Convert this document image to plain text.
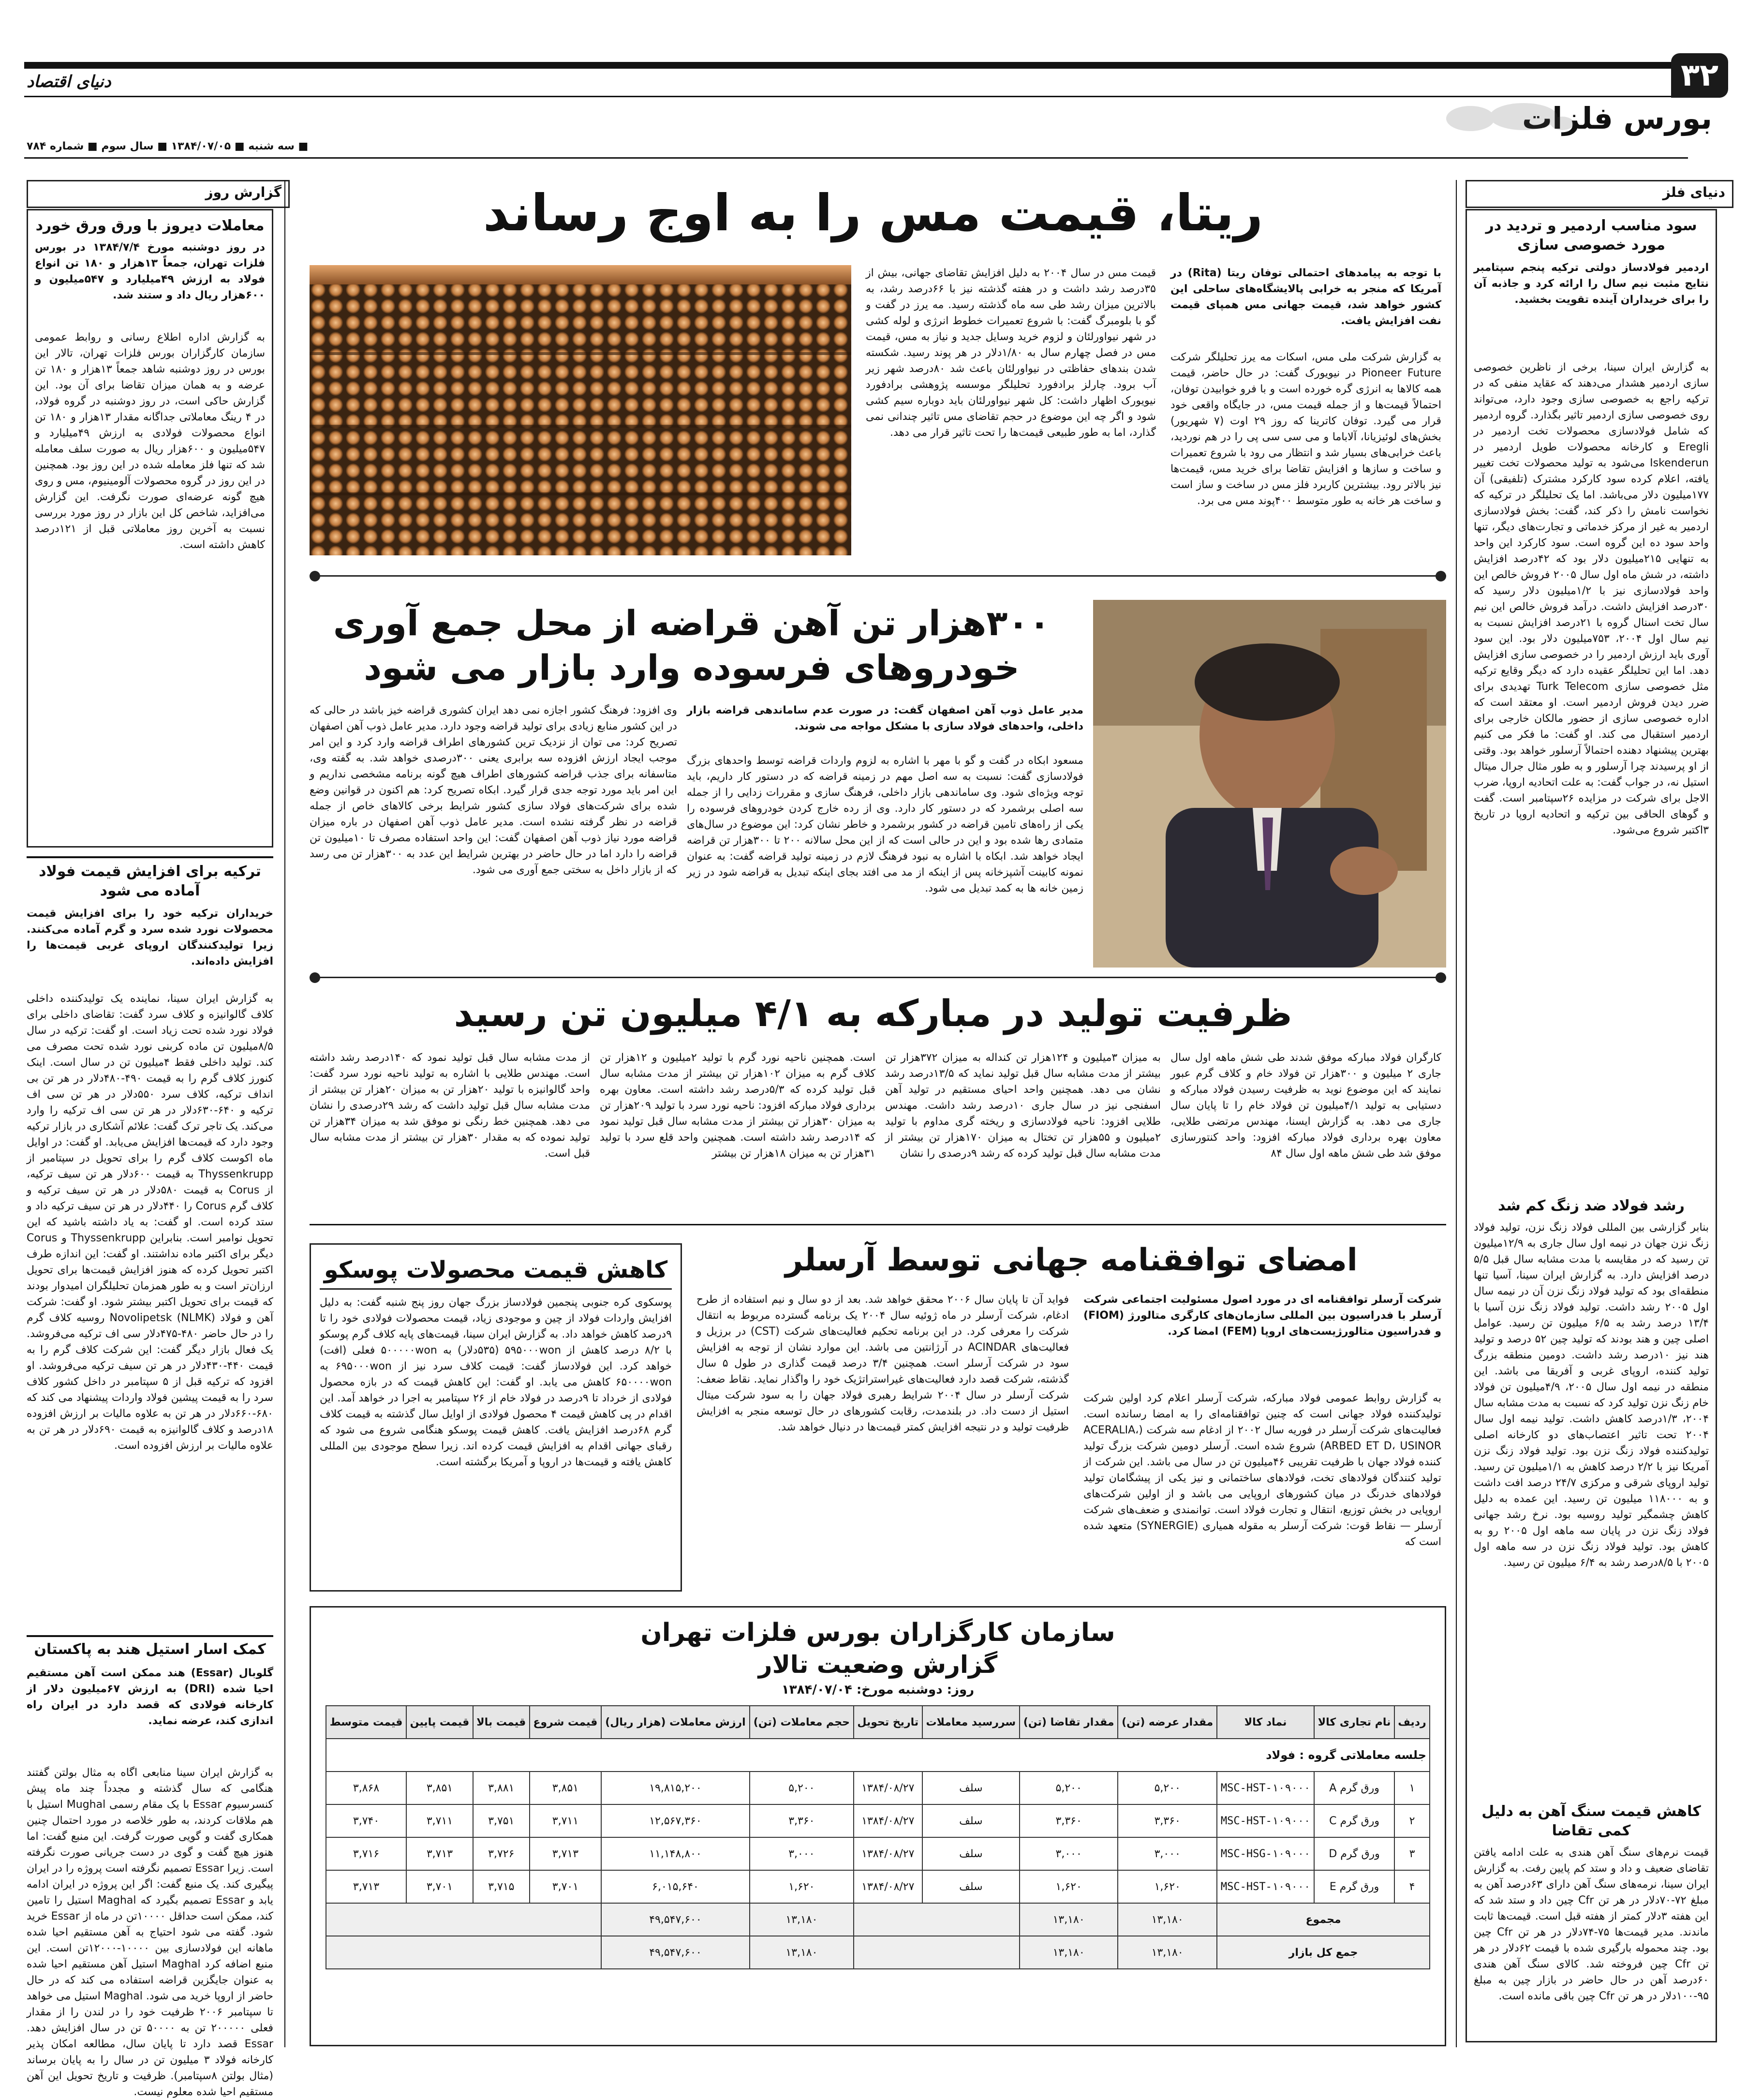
۳۲
دنیای اقتصاد
بورس فلزات
■ سه شنبه ■ ۱۳۸۴/۰۷/۰۵ ■ سال سوم ■ شماره ۷۸۴
گزارش روز
معاملات دیروز با ورق ورق خورد
در روز دوشنبه مورخ ۱۳۸۴/۷/۴ در بورس فلزات تهران، جمعاً ۱۳هزار و ۱۸۰ تن انواع فولاد به ارزش ۴۹میلیارد و ۵۴۷میلیون و ۶۰۰هزار ریال داد و ستند شد.
به گزارش اداره اطلاع رسانی و روابط عمومی سازمان کارگزاران بورس فلزات تهران، تالار این بورس در روز دوشنبه شاهد جمعاً ۱۳هزار و ۱۸۰ تن عرضه و به همان میزان تقاضا برای آن بود. این گزارش حاکی است، در روز دوشنبه در گروه فولاد، در ۴ رینگ معاملاتی جداگانه مقدار ۱۳هزار و ۱۸۰ تن انواع محصولات فولادی به ارزش ۴۹میلیارد و ۵۴۷میلیون و ۶۰۰هزار ریال به صورت سلف معامله شد که تنها فلز معامله شده در این روز بود. همچنین در این روز در گروه محصولات آلومینیوم، مس و روی هیچ گونه عرضه‌ای صورت نگرفت. این گزارش می‌افزاید، شاخص کل این بازار در روز مورد بررسی نسبت به آخرین روز معاملاتی قبل از ۱۲۱درصد کاهش داشته است.
ترکیه برای افزایش قیمت فولاد آماده می شود
خریداران ترکیه خود را برای افزایش قیمت محصولات نورد شده سرد و گرم آماده می‌کنند. زیرا تولیدکنندگان اروپای غربی قیمت‌ها را افزایش داده‌اند.
به گزارش ایران سینا، نماینده یک تولیدکننده داخلی کلاف گالوانیزه و کلاف سرد گفت: تقاضای داخلی برای فولاد نورد شده تحت زیاد است. او گفت: ترکیه در سال ۸/۵میلیون تن ماده کربنی نورد شده تحت مصرف می کند. تولید داخلی فقط ۴میلیون تن در سال است. اینک کنورز کلاف گرم را به قیمت ۴۹۰-۴۸۰دلار در هر تن بی انداف ترکیه، کلاف سرد ۵۵۰دلار در هر تن سی اف ترکیه و ۶۴۰-۶۳۰دلار در هر تن سی اف ترکیه را وارد می‌کند. یک تاجر ترک گفت: علائم آشکاری در بازار ترکیه وجود دارد که قیمت‌ها افزایش می‌یابد. او گفت: در اوایل ماه اکوست کلاف گرم را برای تحویل در سپتامبر از Thyssenkrupp به قیمت ۶۰۰دلار هر تن سیف ترکیه، از Corus به قیمت ۵۸۰دلار در هر تن سیف ترکیه و کلاف گرم Corus را ۴۴۰دلار در هر تن سیف ترکیه داد و ستد کرده است. او گفت: به یاد داشته باشید که این تحویل نوامبر است. بنابراین Thyssenkrupp و Corus دیگر برای اکتبر ماده نداشتند. او گفت: این اندازه طرف اکتبر تحویل کرده که هنوز افزایش قیمت‌ها برای تحویل ارزان‌تر است و به طور همزمان تحلیلگران امیدوار بودند که قیمت برای تحویل اکتبر بیشتر شود. او گفت: شرکت آهن و فولاد (NLMK) Novolipetsk روسیه کلاف گرم را در حال حاضر ۴۸۰-۴۷۵دلار سی اف ترکیه می‌فروشد. یک فعال بازار دیگر گفت: این شرکت کلاف گرم را به قیمت ۴۴۰-۴۳۰دلار در هر تن سیف ترکیه می‌فروشد. او افزود که ترکیه قبل از ۵ سپتامبر در داخل کشور کلاف سرد را به قیمت پیشین فولاد واردات پیشنهاد می کند که ۶۸۰-۶۶۰دلار در هر تن به علاوه مالیات بر ارزش افزوده ۱۸درصد و کلاف گالوانیزه به قیمت ۶۹۰دلار در هر تن به علاوه مالیات بر ارزش افزوده است.
کمک اسار استیل هند به پاکستان
گلوبال (Essar) هند ممکن است آهن مستقیم احیا شده (DRI) به ارزش ۶۷میلیون دلار از کارخانه فولادی که قصد دارد در ایران راه اندازی کند، عرضه نماید.
به گزارش ایران سینا منابعی اگاه به مثال بولتن گفتند هنگامی که سال گذشته و مجدداً چند ماه پیش کنسرسیوم Essar با یک مقام رسمی Mughal استیل با هم ملاقات کردند، به طور خلاصه در مورد احتمال چنین همکاری گفت و گویی صورت گرفت. این منبع گفت: اما هنوز هیچ گفت و گوی در دست جریانی صورت نگرفته است. زیرا Essar تصمیم نگرفته است پروژه را در ایران پیگیری کند. یک منبع گفت: اگر این پروژه در ایران ادامه یابد و Essar تصمیم بگیرد که Maghal استیل را تامین کند، ممکن است حداقل ۱۰۰۰۰تن در ماه از Essar خرید شود. گفته می شود احتیاج به آهن مستقیم احیا شده ماهانه این فولادسازی بین ۱۰۰۰۰-۱۲۰۰۰تن است. این منبع اضافه کرد Maghal استیل آهن مستقیم احیا شده به عنوان جایگزین قراضه استفاده می کند که در حال حاضر از اروپا خرید می شود. Maghal استیل می خواهد تا سپتامبر ۲۰۰۶ ظرفیت خود را در لندن را از مقدار فعلی ۲۰۰۰۰۰ تن به ۵۰۰۰۰ تن در سال افزایش دهد. Essar قصد دارد تا پایان سال، مطالعه امکان پذیر کارخانه فولاد ۳ میلیون تن در سال را به پایان برساند (مثال بولتن ۸سپتامبر). ظرفیت و تاریخ تحویل این آهن مستقیم احیا شده معلوم نیست.
دنیای فلز
سود مناسب اردمیر و تردید در مورد خصوصی سازی
اردمیر فولادساز دولتی ترکیه پنجم سپتامبر نتایج مثبت نیم سال را ارائه کرد و جاذبه آن را برای خریداران آینده تقویت بخشید.
به گزارش ایران سینا، برخی از ناظرین خصوصی سازی اردمیر هشدار می‌دهند که عقاید منفی که در ترکیه راجع به خصوصی سازی وجود دارد، می‌تواند روی خصوصی سازی اردمیر تاثیر بگذارد. گروه اردمیر که شامل فولادسازی محصولات تخت اردمیر در Eregli و کارخانه محصولات طویل اردمیر در Iskenderun می‌شود به تولید محصولات تخت تغییر یافته، اعلام کرده سود کارکرد مشترک (تلفیقی) آن ۱۷۷میلیون دلار می‌باشد. اما یک تحلیلگر در ترکیه که نخواست نامش را ذکر کند، گفت: بخش فولادسازی اردمیر به غیر از مرکز خدماتی و تجارت‌های دیگر، تنها واحد سود ده این گروه است. سود کارکرد این واحد به تنهایی ۲۱۵میلیون دلار بود که ۴۲درصد افزایش داشته، در شش ماه اول سال ۲۰۰۵ فروش خالص این واحد فولادسازی نیز با ۱/۲میلیون دلار رسید که ۳۰درصد افزایش داشت. درآمد فروش خالص این نیم سال تخت اسنال گروه با ۲۱درصد افزایش نسبت به نیم سال اول ۲۰۰۴، ۷۵۳میلیون دلار بود. این سود آوری باید ارزش اردمیر را در خصوصی سازی افزایش دهد. اما این تحلیلگر عقیده دارد که دیگر وقایع ترکیه مثل خصوصی سازی Turk Telecom تهدیدی برای ضرر دیدن فروش اردمیر است. او معتقد است که اداره خصوصی سازی از حضور مالکان خارجی برای اردمیر استقبال می کند. او گفت: ما فکر می کنیم بهترین پیشنهاد دهنده احتمالاً آرسلور خواهد بود. وقتی از او پرسیدند چرا آرسلور و به طور مثال جرال میتال استیل نه، در جواب گفت: به علت اتحادیه اروپا، ضرب الاجل برای شرکت در مزایده ۲۶سپتامبر است. گفت و گوهای الحاقی بین ترکیه و اتحادیه اروپا در تاریخ ۳اکتبر شروع می‌شود.
رشد فولاد ضد زنگ کم شد
بنابر گزارشی بین المللی فولاد زنگ نزن، تولید فولاد زنگ نزن جهان در نیمه اول سال جاری به ۱۲/۹میلیون تن رسید که در مقایسه با مدت مشابه سال قبل ۵/۵ درصد افزایش دارد. به گزارش ایران سینا، آسیا تنها منطقه‌ای بود که تولید فولاد زنگ نزن آن در نیمه سال اول ۲۰۰۵ رشد داشت. تولید فولاد زنگ نزن آسیا با ۱۳/۴ درصد رشد به ۶/۵ میلیون تن رسید. عوامل اصلی چین و هند بودند که تولید چین ۵۲ درصد و تولید هند نیز ۱۰درصد رشد داشت. دومین منطقه بزرگ تولید کننده، اروپای غربی و آفریقا می باشد. این منطقه در نیمه اول سال ۲۰۰۵، ۴/۹میلیون تن فولاد خام زنگ نزن تولید کرد که نسبت به مدت مشابه سال ۲۰۰۴، ۱/۳درصد کاهش داشت. تولید نیمه اول سال ۲۰۰۴ تحت تاثیر اعتصاب‌های دو کارخانه اصلی تولیدکننده فولاد زنگ نزن بود. تولید فولاد زنگ نزن آمریکا نیز با ۲/۲ درصد کاهش به ۱/۱میلیون تن رسید. تولید اروپای شرقی و مرکزی ۲۴/۷ درصد افت داشت و به ۱۱۸۰۰۰ میلیون تن رسید. این عمده به دلیل کاهش چشمگیر تولید روسیه بود. نرخ رشد جهانی فولاد زنگ نزن در پایان سه ماهه اول ۲۰۰۵ رو به کاهش بود. تولید فولاد زنگ نزن در سه ماهه اول ۲۰۰۵ با ۸/۵درصد رشد به ۶/۴ میلیون تن رسید.
کاهش قیمت سنگ آهن به دلیل کمی تقاضا
قیمت نرم‌های سنگ آهن هندی به علت ادامه یافتن تقاضای ضعیف و داد و ستد کم پایین رفت. به گزارش ایران سینا، نرمه‌های سنگ آهن دارای ۶۳درصد آهن به مبلغ ۷۲-۷۰دلار در هر تن Cfr چین داد و ستد شد که این هفته ۳دلار کمتر از هفته قبل است. قیمت‌ها ثابت ماندند. مدیر قیمت‌ها ۷۵-۷۴دلار در هر تن Cfr چین بود. چند محموله بارگیری شده با قیمت ۶۲دلار در هر تن Cfr چین فروخته شد. کالای سنگ آهن هندی ۶۰درصد آهن در حال حاضر در بازار چین به مبلغ ۹۵-۱۰۰دلار در هر تن Cfr چین باقی مانده است.
ریتا، قیمت مس را به اوج رساند
با توجه به پیامدهای احتمالی توفان ریتا (Rita) در آمریکا که منجر به خرابی پالایشگاه‌های ساحلی این کشور خواهد شد، قیمت جهانی مس همپای قیمت نفت افزایش یافت.
به گزارش شرکت ملی مس، اسکات مه یرز تحلیلگر شرکت Pioneer Future در نیویورک گفت: در حال حاضر، قیمت همه کالاها به انرژی گره خورده است و با فرو خوابیدن توفان، احتمالاً قیمت‌ها و از جمله قیمت مس، در جایگاه واقعی خود قرار می گیرد. توفان کاترینا که روز ۲۹ اوت (۷ شهریور) بخش‌های لوئیزیانا، آلاباما و می سی سی پی را در هم نوردید، باعث خرابی‌های بسیار شد و انتظار می رود با شروع تعمیرات و ساخت و سازها و افزایش تقاضا برای خرید مس، قیمت‌ها نیز بالاتر رود. بیشترین کاربرد فلز مس در ساخت و ساز است و ساخت هر خانه به طور متوسط ۴۰۰پوند مس می برد.
قیمت مس در سال ۲۰۰۴ به دلیل افزایش تقاضای جهانی، بیش از ۳۵درصد رشد داشت و در هفته گذشته نیز با ۶۶درصد رشد، به بالاترین میزان رشد طی سه ماه گذشته رسید. مه یرز در گفت و گو با بلومبرگ گفت: با شروع تعمیرات خطوط انرژی و لوله کشی در شهر نیواورلئان و لزوم خرید وسایل جدید و نیاز به مس، قیمت مس در فصل چهارم سال به ۱/۸۰دلار در هر پوند رسید. شکسته شدن بندهای حفاظتی در نیواورلئان باعث شد ۸۰درصد شهر زیر آب برود. چارلز برادفورد تحلیلگر موسسه پژوهشی برادفورد نیویورک اظهار داشت: کل شهر نیواورلئان باید دوباره سیم کشی شود و اگر چه این موضوع در حجم تقاضای مس تاثیر چندانی نمی گذارد، اما به طور طبیعی قیمت‌ها را تحت تاثیر قرار می دهد.
۳۰۰هزار تن آهن قراضه از محل جمع آوری
خودروهای فرسوده وارد بازار می شود
مدیر عامل ذوب آهن اصفهان گفت: در صورت عدم ساماندهی قراضه بازار داخلی، واحدهای فولاد سازی با مشکل مواجه می شوند.
مسعود ابکاه در گفت و گو با مهر با اشاره به لزوم واردات قراضه توسط واحدهای بزرگ فولادسازی گفت: نسبت به سه اصل مهم در زمینه قراضه که در دستور کار داریم، باید توجه ویژه‌ای شود. وی ساماندهی بازار داخلی، فرهنگ سازی و مقررات زدایی را از جمله سه اصلی برشمرد که در دستور کار دارد. وی از رده خارج کردن خودروهای فرسوده را یکی از راه‌های تامین قراضه در کشور برشمرد و خاطر نشان کرد: این موضوع در سال‌های متمادی رها شده بود و این در حالی است که از این محل سالانه ۲۰۰ تا ۳۰۰هزار تن قراضه ایجاد خواهد شد. ابکاه با اشاره به نبود فرهنگ لازم در زمینه تولید قراضه گفت: به عنوان نمونه کابینت آشپزخانه پس از اینکه از مد می افتد بجای اینکه تبدیل به قراضه شود در زیر زمین خانه ها به کمد تبدیل می شود.
وی افزود: فرهنگ کشور اجازه نمی دهد ایران کشوری قراضه خیز باشد در حالی که در این کشور منابع زیادی برای تولید قراضه وجود دارد. مدیر عامل ذوب آهن اصفهان تصریح کرد: می توان از نزدیک ترین کشورهای اطراف قراضه وارد کرد و این امر موجب ایجاد ارزش افزوده سه برابری یعنی ۳۰۰درصدی خواهد شد. به گفته وی، متاسفانه برای جذب قراضه کشورهای اطراف هیچ گونه برنامه مشخصی نداریم و این امر باید مورد توجه جدی قرار گیرد. ابکاه تصریح کرد: هم اکنون در قوانین وضع شده برای شرکت‌های فولاد سازی کشور شرایط برخی کالاهای خاص از جمله قراضه در نظر گرفته نشده است. مدیر عامل ذوب آهن اصفهان در باره میزان قراضه مورد نیاز ذوب آهن اصفهان گفت: این واحد استفاده مصرف تا ۱۰میلیون تن قراضه را دارد اما در حال حاضر در بهترین شرایط این عدد به ۳۰۰هزار تن می رسد که از بازار داخل به سختی جمع آوری می شود.
ظرفیت تولید در مبارکه به ۴/۱ میلیون تن رسید
کارگران فولاد مبارکه موفق شدند طی شش ماهه اول سال جاری ۲ میلیون و ۳۰۰هزار تن فولاد خام و کلاف گرم عبور نمایند که این موضوع نوید به ظرفیت رسیدن فولاد مبارکه و دستیابی به تولید ۴/۱میلیون تن فولاد خام را تا پایان سال جاری می دهد. به گزارش ایسنا، مهندس مرتضی طلایی، معاون بهره برداری فولاد مبارکه افزود: واحد کنتورسازی موفق شد طی شش ماهه اول سال ۸۴
به میزان ۳میلیون و ۱۲۴هزار تن کنداله به میزان ۳۷۲هزار تن بیشتر از مدت مشابه سال قبل تولید نماید که ۱۳/۵درصد رشد نشان می دهد. همچنین واحد احیای مستقیم در تولید آهن اسفنجی نیز در سال جاری ۱۰درصد رشد داشت. مهندس طلایی افزود: ناحیه فولادسازی و ریخته گری مداوم با تولید ۲میلیون و ۵۵هزار تن تختال به میزان ۱۷۰هزار تن بیشتر از مدت مشابه سال قبل تولید کرده که رشد ۹درصدی را نشان
است. همچنین ناحیه نورد گرم با تولید ۲میلیون و ۱۲هزار تن کلاف گرم به میزان ۱۰۲هزار تن بیشتر از مدت مشابه سال قبل تولید کرده که ۵/۳درصد رشد داشته است. معاون بهره برداری فولاد مبارکه افزود: ناحیه نورد سرد با تولید ۲۰۹هزار تن به میزان ۳۰هزار تن بیشتر از مدت مشابه سال قبل تولید نمود که ۱۴درصد رشد داشته است. همچنین واحد قلع سرد با تولید ۳۱هزار تن به میزان ۱۸هزار تن بیشتر
از مدت مشابه سال قبل تولید نمود که ۱۴۰درصد رشد داشته است. مهندس طلایی با اشاره به تولید ناحیه نورد سرد گفت: واحد گالوانیزه با تولید ۲۰هزار تن به میزان ۲۰هزار تن بیشتر از مدت مشابه سال قبل تولید داشت که رشد ۲۹درصدی را نشان می دهد. همچنین خط رنگی نو موفق شد به میزان ۳۴هزار تن تولید نموده که به مقدار ۳۰هزار تن بیشتر از مدت مشابه سال قبل است.
امضای توافقنامه جهانی توسط آرسلر
شرکت آرسلر توافقنامه ای در مورد اصول مسئولیت اجتماعی شرکت آرسلر با فدراسیون بین المللی سازمان‌های کارگری متالورژ (FIOM) و فدراسیون متالورژیست‌های اروپا (FEM) امضا کرد.
به گزارش روابط عمومی فولاد مبارکه، شرکت آرسلر اعلام کرد اولین شرکت تولیدکننده فولاد جهانی است که چنین توافقنامه‌ای را به امضا رسانده است. فعالیت‌های شرکت آرسلر در فوریه سال ۲۰۰۲ از ادغام سه شرکت (ACERALIA، ARBED ET D، USINOR) شروع شده است. آرسلر دومین شرکت بزرگ تولید کننده فولاد جهان با ظرفیت تقریبی ۴۶میلیون تن در سال می باشد. این شرکت از تولید کنندگان فولادهای تخت، فولادهای ساختمانی و نیز یکی از پیشگامان تولید فولادهای خدرنگ در میان کشورهای اروپایی می باشد و از اولین شرکت‌های اروپایی در بخش توزیع، انتقال و تجارت فولاد است. توانمندی و ضعف‌های شرکت آرسلر — نقاط قوت: شرکت آرسلر به مقوله همیاری (SYNERGIE) متعهد شده است که
فواید آن تا پایان سال ۲۰۰۶ محقق خواهد شد. بعد از دو سال و نیم استفاده از طرح ادغام، شرکت آرسلر در ماه ژوئیه سال ۲۰۰۴ یک برنامه گسترده مربوط به انتقال شرکت را معرفی کرد. در این برنامه تحکیم فعالیت‌های شرکت (CST) در برزیل و فعالیت‌های ACINDAR در آرژانتین می باشد. این موارد نشان از توجه به افزایش سود در شرکت آرسلر است. همچنین ۳/۴ درصد قیمت گذاری در طول ۵ سال گذشته، شرکت قصد دارد فعالیت‌های غیراستراتژیک خود را واگذار نماید. نقاط ضعف: شرکت آرسلر در سال ۲۰۰۴ شرایط رهبری فولاد جهان را به سود شرکت میتال استیل از دست داد. در بلندمدت، رقابت کشورهای در حال توسعه منجر به افزایش ظرفیت تولید و در نتیجه افزایش کمتر قیمت‌ها در دنیال خواهد شد.
کاهش قیمت محصولات پوسکو
پوسکوی کره جنوبی پنجمین فولادساز بزرگ جهان روز پنج شنبه گفت: به دلیل افزایش واردات فولاد از چین و موجودی زیاد، قیمت محصولات فولادی خود را تا ۹درصد کاهش خواهد داد. به گزارش ایران سینا، قیمت‌های پایه کلاف گرم پوسکو با ۸/۲ درصد کاهش از ۵۹۵۰۰۰won (۵۳۵دلار) به ۵۰۰۰۰۰won فعلی (افت) خواهد کرد. این فولادساز گفت: قیمت کلاف سرد نیز از ۶۹۵۰۰۰won به ۶۵۰۰۰۰won کاهش می یابد. او گفت: این کاهش قیمت که در بازه محصول فولادی از خرداد تا ۹درصد در فولاد خام از ۲۶ سپتامبر به اجرا در خواهد آمد. این اقدام در پی کاهش قیمت ۴ محصول فولادی از اوایل سال گذشته به قیمت کلاف گرم ۶۸درصد افزایش یافت. کاهش قیمت پوسکو هنگامی شروع می شود که رقبای جهانی اقدام به افزایش قیمت کرده اند. زیرا سطح موجودی بین المللی کاهش یافته و قیمت‌ها در اروپا و آمریکا برگشته است.
سازمان کارگزاران بورس فلزات تهران
گزارش وضعیت تالار
روز: دوشنبه مورخ: ۱۳۸۴/۰۷/۰۴
ردیف	نام تجاری کالا	نماد کالا	مقدار عرضه (تن)	مقدار تقاضا (تن)	سررسید معاملات	تاریخ تحویل	حجم معاملات (تن)	ارزش معاملات (هزار ریال)	قیمت شروع	قیمت بالا	قیمت پایین	قیمت متوسط
جلسه معاملاتی گروه : فولاد												
۱	ورق گرم A	MSC-HST-۱۰۹۰۰۰	۵,۲۰۰	۵,۲۰۰	سلف	۱۳۸۴/۰۸/۲۷	۵,۲۰۰	۱۹,۸۱۵,۲۰۰	۳,۸۵۱	۳,۸۸۱	۳,۸۵۱	۳,۸۶۸
۲	ورق گرم C	MSC-HST-۱۰۹۰۰۰	۳,۳۶۰	۳,۳۶۰	سلف	۱۳۸۴/۰۸/۲۷	۳,۳۶۰	۱۲,۵۶۷,۳۶۰	۳,۷۱۱	۳,۷۵۱	۳,۷۱۱	۳,۷۴۰
۳	ورق گرم D	MSC-HSG-۱۰۹۰۰۰	۳,۰۰۰	۳,۰۰۰	سلف	۱۳۸۴/۰۸/۲۷	۳,۰۰۰	۱۱,۱۴۸,۸۰۰	۳,۷۱۳	۳,۷۲۶	۳,۷۱۳	۳,۷۱۶
۴	ورق گرم E	MSC-HST-۱۰۹۰۰۰	۱,۶۲۰	۱,۶۲۰	سلف	۱۳۸۴/۰۸/۲۷	۱,۶۲۰	۶,۰۱۵,۶۴۰	۳,۷۰۱	۳,۷۱۵	۳,۷۰۱	۳,۷۱۳
مجموع			۱۳,۱۸۰	۱۳,۱۸۰			۱۳,۱۸۰	۴۹,۵۴۷,۶۰۰				
جمع کل بازار			۱۳,۱۸۰	۱۳,۱۸۰			۱۳,۱۸۰	۴۹,۵۴۷,۶۰۰				
